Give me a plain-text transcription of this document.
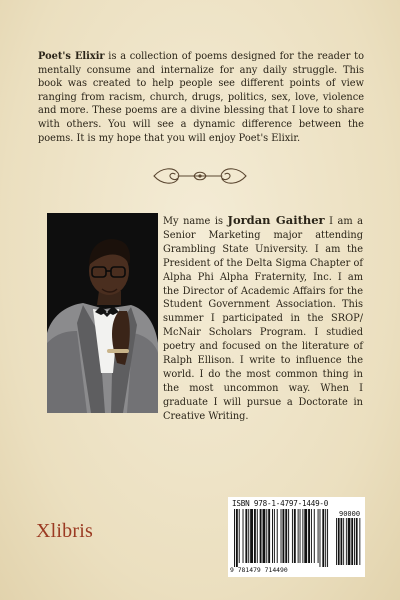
Poet's Elixir is a collection of poems designed for the reader to mentally consume and internalize for any daily struggle. This book was created to help people see different points of view ranging from racism, church, drugs, politics, sex, love, violence and more. These poems are a divine blessing that I love to share with others. You will see a dynamic difference between the poems. It is my hope that you will enjoy Poet's Elixir.

My name is Jordan Gaither I am a Senior Marketing major attending Grambling State University. I am the President of the Delta Sigma Chapter of Alpha Phi Alpha Fraternity, Inc. I am the Director of Academic Affairs for the Student Government Association. This summer I participated in the SROP/ McNair Scholars Program. I studied poetry and focused on the literature of Ralph Ellison. I write to influence the world. I do the most common thing in the most uncommon way. When I graduate I will pursue a Doctorate in Creative Writing.

Xlibris
ISBN 978-1-4797-1449-0
90000
9 781479 714490
